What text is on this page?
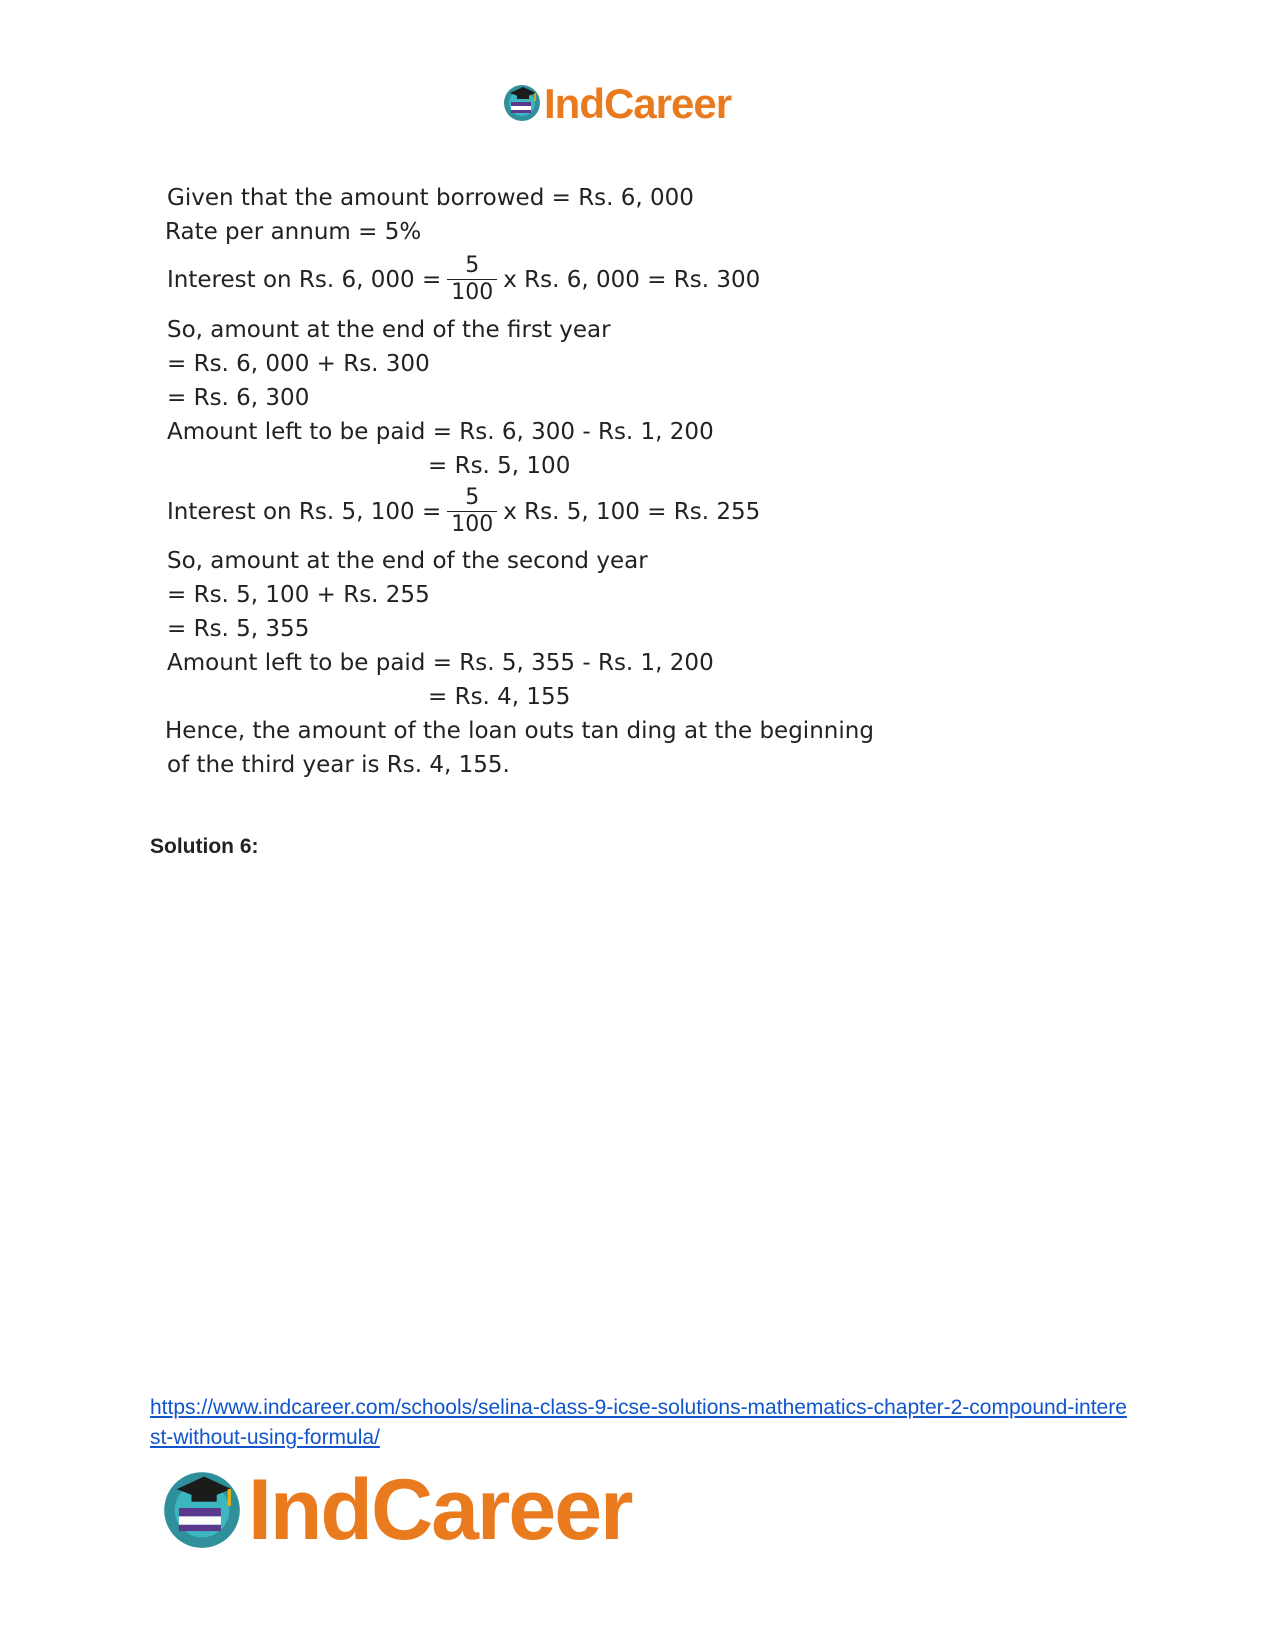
IndCareer
Given that the amount borrowed = Rs. 6, 000
Rate per annum = 5%
Interest on Rs. 6, $000 = \frac{5}{100}$ x Rs. 6, 000 = Rs. 300
So, amount at the end of the first year
= Rs. 6, 000 + Rs. 300
= Rs. 6, 300
Amount left to be paid = Rs. 6, 300 - Rs. 1, 200
= Rs. 5, 100
Interest on Rs. 5, $100 = \frac{5}{100}$ x Rs. 5, 100 = Rs. 255
So, amount at the end of the second year
= Rs. 5, 100 + Rs. 255
= Rs. 5, 355
Amount left to be paid = Rs. 5, 355 - Rs. 1, 200
= Rs. 4, 155
Hence, the amount of the loan outs tan ding at the beginning
of the third year is Rs. 4, 155.
Solution 6:
https://www.indcareer.com/schools/selina-class-9-icse-solutions-mathematics-chapter-2-compound-interest-without-using-formula/
IndCareer
